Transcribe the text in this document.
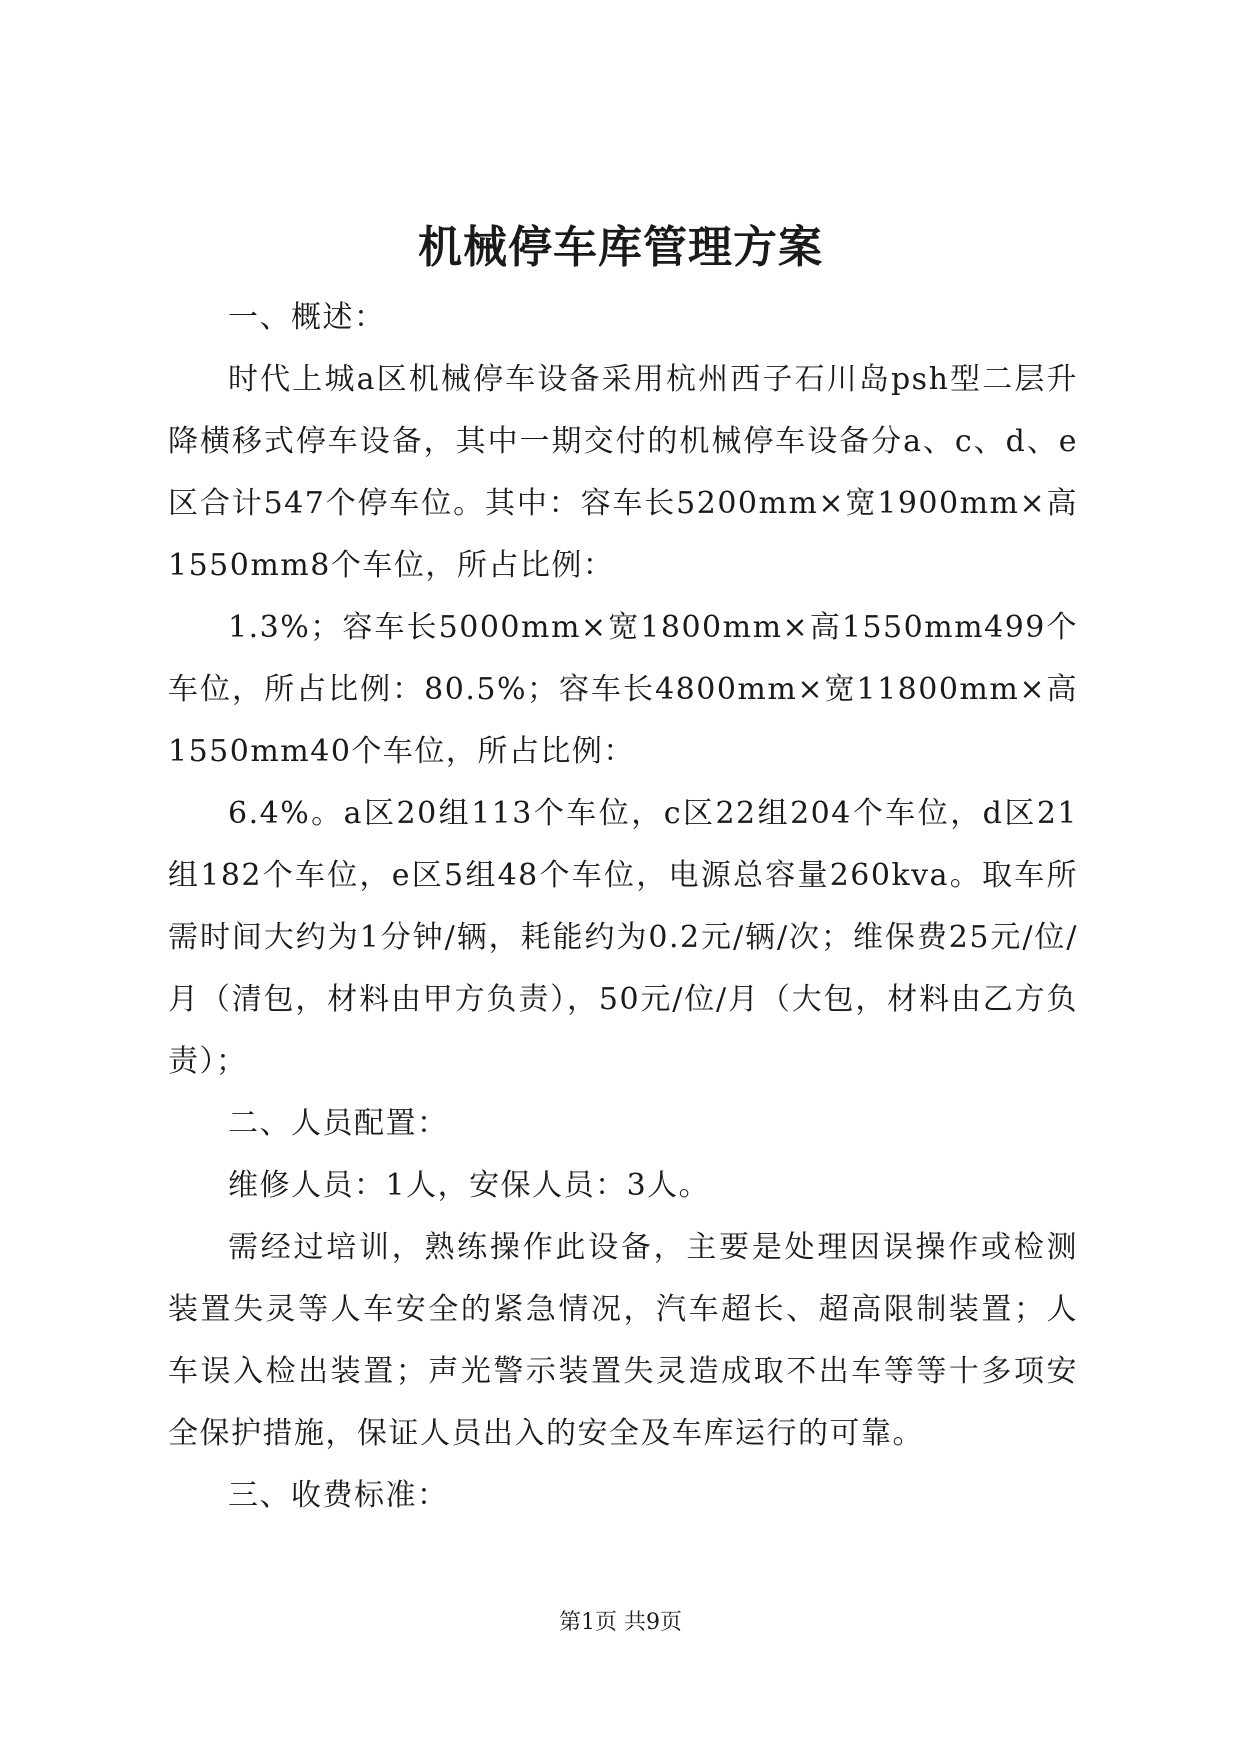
机械停车库管理方案

一、概述：

时代上城a区机械停车设备采用杭州西子石川岛psh型二层升降横移式停车设备，其中一期交付的机械停车设备分a、c、d、e区合计547个停车位。其中：容车长5200mm×宽1900mm×高1550mm8个车位，所占比例：

1.3%；容车长5000mm×宽1800mm×高1550mm499个车位，所占比例：80.5%；容车长4800mm×宽11800mm×高1550mm40个车位，所占比例：

6.4%。a区20组113个车位，c区22组204个车位，d区21组182个车位，e区5组48个车位，电源总容量260kva。取车所需时间大约为1分钟/辆，耗能约为0.2元/辆/次；维保费25元/位/月（清包，材料由甲方负责），50元/位/月（大包，材料由乙方负责）；

二、人员配置：

维修人员：1人，安保人员：3人。

需经过培训，熟练操作此设备，主要是处理因误操作或检测装置失灵等人车安全的紧急情况，汽车超长、超高限制装置；人车误入检出装置；声光警示装置失灵造成取不出车等等十多项安全保护措施，保证人员出入的安全及车库运行的可靠。

三、收费标准：

第1页 共9页
